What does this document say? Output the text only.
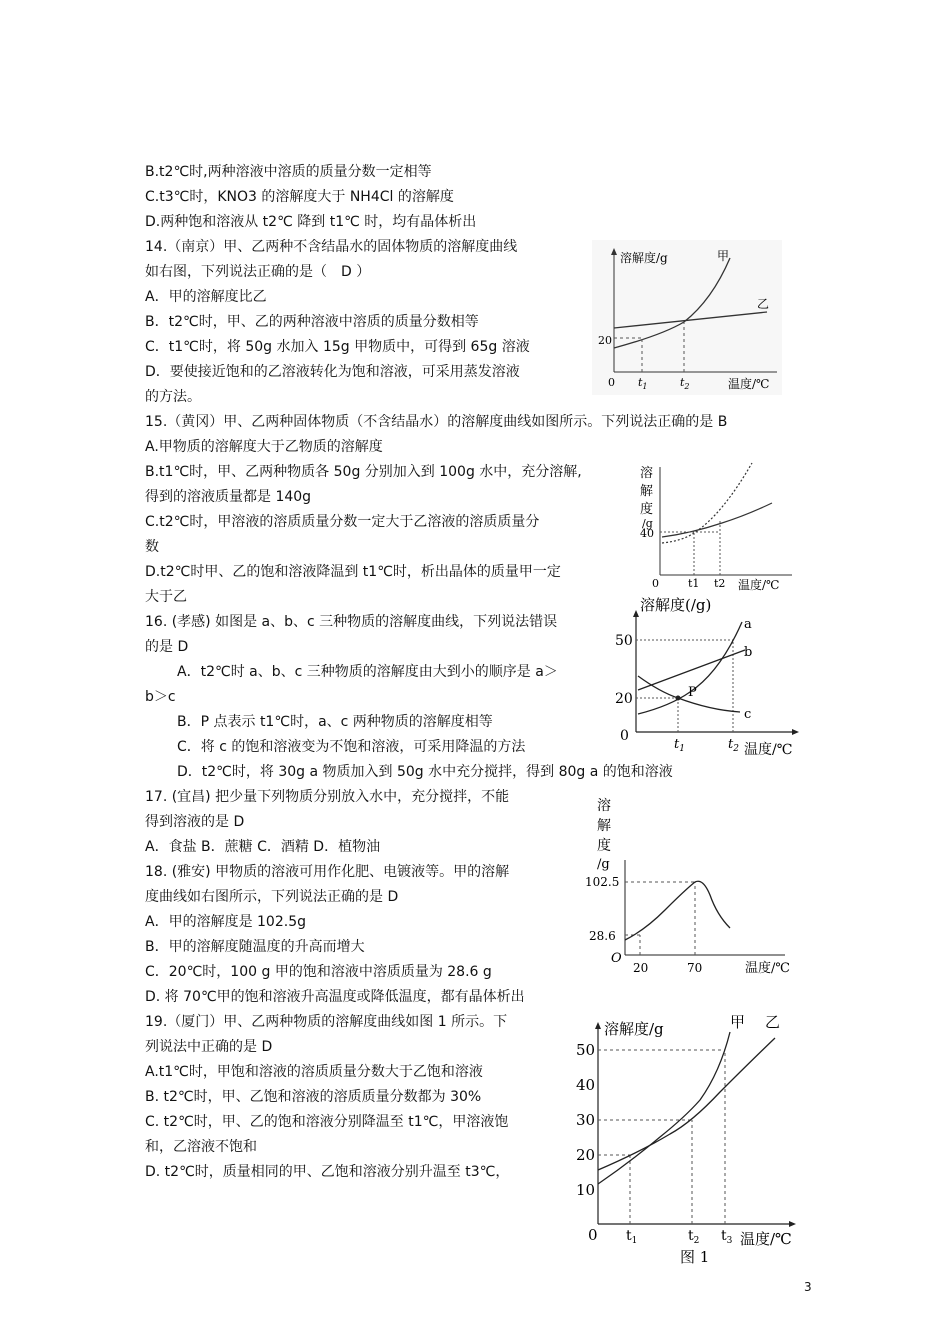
B.t2℃时,两种溶液中溶质的质量分数一定相等
C.t3℃时，KNO3 的溶解度大于 NH4Cl 的溶解度
D.两种饱和溶液从 t2℃ 降到 t1℃ 时，均有晶体析出
14.（南京）甲、乙两种不含结晶水的固体物质的溶解度曲线
如右图，下列说法正确的是（　D ）
A．甲的溶解度比乙
B．t2℃时，甲、乙的两种溶液中溶质的质量分数相等
C．t1℃时，将 50g 水加入 15g 甲物质中，可得到 65g 溶液
D．要使接近饱和的乙溶液转化为饱和溶液，可采用蒸发溶液
的方法。
15.（黄冈）甲、乙两种固体物质（不含结晶水）的溶解度曲线如图所示。下列说法正确的是 B
A.甲物质的溶解度大于乙物质的溶解度
B.t1℃时，甲、乙两种物质各 50g 分别加入到 100g 水中，充分溶解,
得到的溶液质量都是 140g
C.t2℃时，甲溶液的溶质质量分数一定大于乙溶液的溶质质量分
数
D.t2℃时甲、乙的饱和溶液降温到 t1℃时，析出晶体的质量甲一定
大于乙
16. (孝感) 如图是 a、b、c 三种物质的溶解度曲线，下列说法错误
的是 D
A．t2℃时 a、b、c 三种物质的溶解度由大到小的顺序是 a＞
b＞c
B．P 点表示 t1℃时，a、c 两种物质的溶解度相等
C．将 c 的饱和溶液变为不饱和溶液，可采用降温的方法
D．t2℃时，将 30g a 物质加入到 50g 水中充分搅拌，得到 80g a 的饱和溶液
17. (宜昌) 把少量下列物质分别放入水中，充分搅拌，不能
得到溶液的是 D
A．食盐 B．蔗糖 C．酒精 D．植物油
18. (雅安) 甲物质的溶液可用作化肥、电镀液等。甲的溶解
度曲线如右图所示，下列说法正确的是 D
A．甲的溶解度是 102.5g
B．甲的溶解度随温度的升高而增大
C．20℃时，100 g 甲的饱和溶液中溶质质量为 28.6 g
D. 将 70℃甲的饱和溶液升高温度或降低温度，都有晶体析出
19.（厦门）甲、乙两种物质的溶解度曲线如图 1 所示。下
列说法中正确的是 D
A.t1℃时，甲饱和溶液的溶质质量分数大于乙饱和溶液
B. t2℃时，甲、乙饱和溶液的溶质质量分数都为 30%
C. t2℃时，甲、乙的饱和溶液分别降温至 t1℃，甲溶液饱
和，乙溶液不饱和
D. t2℃时，质量相同的甲、乙饱和溶液分别升温至 t3℃，
溶解度/g	甲
乙
20
0 $t_1$	$t_2$	温度/℃
溶
解
度
/g
40
0	t1 t2 温度/℃
溶解度(/g)
a
b
c
P
50
20
0
$t_1$	$t_2$ 温度/℃
溶
解
度
/g
102.5
28.6
O
20	70	温度/℃
溶解度/g	甲 乙
50
40
30
20
10
0 $t_1$	$t_2$ $t_3$ 温度/℃
图 1
3
